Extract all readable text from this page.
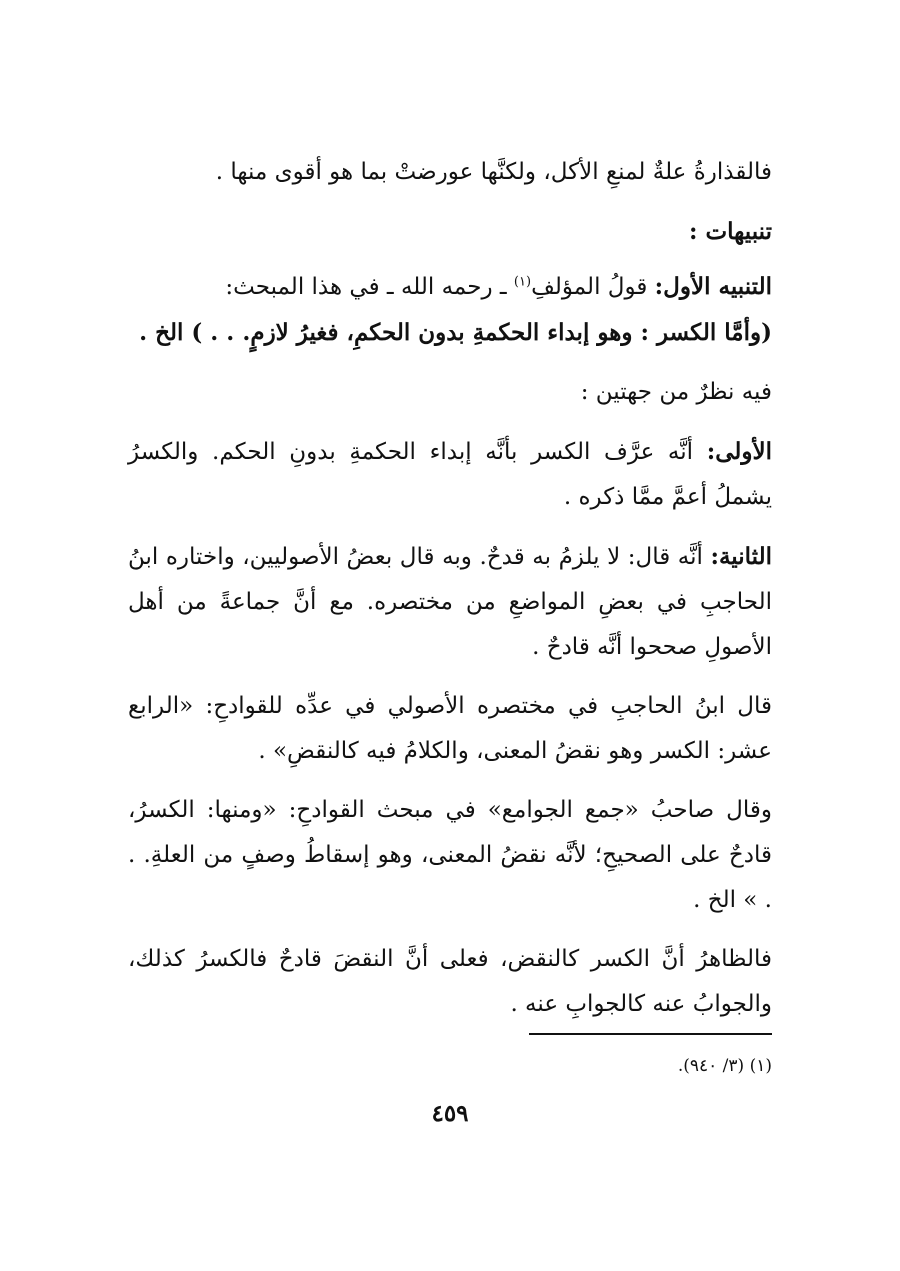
فالقذارةُ علةٌ لمنعِ الأكل، ولكنَّها عورضتْ بما هو أقوى منها .

تنبيهات :

التنبيه الأول: قولُ المؤلفِ$^{(١)}$ ـ رحمه الله ـ في هذا المبحث:
(وأمَّا الكسر : وهو إبداء الحكمةِ بدون الحكمِ، فغيرُ لازمٍ. . . ) الخ .

فيه نظرٌ من جهتين :

الأولى: أنَّه عرَّف الكسر بأنَّه إبداء الحكمةِ بدونِ الحكم. والكسرُ يشملُ أعمَّ ممَّا ذكره .

الثانية: أنَّه قال: لا يلزمُ به قدحٌ. وبه قال بعضُ الأصوليين، واختاره ابنُ الحاجبِ في بعضِ المواضعِ من مختصره. مع أنَّ جماعةً من أهل الأصولِ صححوا أنَّه قادحٌ .

قال ابنُ الحاجبِ في مختصره الأصولي في عدِّه للقوادحِ: «الرابع عشر: الكسر وهو نقضُ المعنى، والكلامُ فيه كالنقضِ» .

وقال صاحبُ «جمع الجوامع» في مبحث القوادحِ: «ومنها: الكسرُ، قادحٌ على الصحيحِ؛ لأنَّه نقضُ المعنى، وهو إسقاطُ وصفٍ من العلةِ. . . » الخ .

فالظاهرُ أنَّ الكسر كالنقض، فعلى أنَّ النقضَ قادحٌ فالكسرُ كذلك، والجوابُ عنه كالجوابِ عنه .

(١) (٣/ ٩٤٠).
٤٥٩
